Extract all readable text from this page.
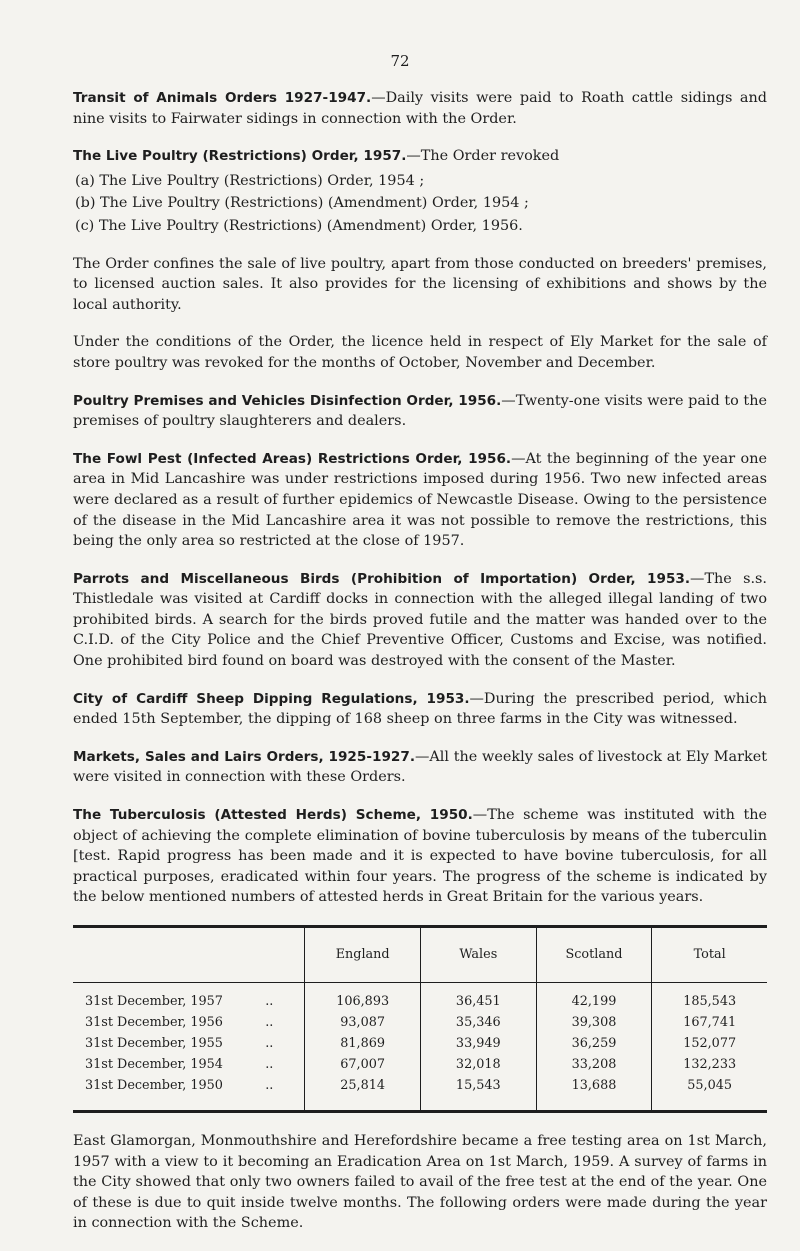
72

Transit of Animals Orders 1927-1947.—Daily visits were paid to Roath cattle sidings and nine visits to Fairwater sidings in connection with the Order.

The Live Poultry (Restrictions) Order, 1957.—The Order revoked

(a) The Live Poultry (Restrictions) Order, 1954 ;
(b) The Live Poultry (Restrictions) (Amendment) Order, 1954 ;
(c) The Live Poultry (Restrictions) (Amendment) Order, 1956.

The Order confines the sale of live poultry, apart from those conducted on breeders' premises, to licensed auction sales. It also provides for the licensing of exhibitions and shows by the local authority.

Under the conditions of the Order, the licence held in respect of Ely Market for the sale of store poultry was revoked for the months of October, November and December.

Poultry Premises and Vehicles Disinfection Order, 1956.—Twenty-one visits were paid to the premises of poultry slaughterers and dealers.

The Fowl Pest (Infected Areas) Restrictions Order, 1956.—At the beginning of the year one area in Mid Lancashire was under restrictions imposed during 1956. Two new infected areas were declared as a result of further epidemics of Newcastle Disease. Owing to the persistence of the disease in the Mid Lancashire area it was not possible to remove the restrictions, this being the only area so restricted at the close of 1957.

Parrots and Miscellaneous Birds (Prohibition of Importation) Order, 1953.—The s.s. Thistledale was visited at Cardiff docks in connection with the alleged illegal landing of two prohibited birds. A search for the birds proved futile and the matter was handed over to the C.I.D. of the City Police and the Chief Preventive Officer, Customs and Excise, was notified. One prohibited bird found on board was destroyed with the consent of the Master.

City of Cardiff Sheep Dipping Regulations, 1953.—During the prescribed period, which ended 15th September, the dipping of 168 sheep on three farms in the City was witnessed.

Markets, Sales and Lairs Orders, 1925-1927.—All the weekly sales of livestock at Ely Market were visited in connection with these Orders.

The Tuberculosis (Attested Herds) Scheme, 1950.—The scheme was instituted with the object of achieving the complete elimination of bovine tuberculosis by means of the tuberculin [test. Rapid progress has been made and it is expected to have bovine tuberculosis, for all practical purposes, eradicated within four years. The progress of the scheme is indicated by the below mentioned numbers of attested herds in Great Britain for the various years.

		England	Wales	Scotland	Total
31st December, 1957	..	106,893	36,451	42,199	185,543
31st December, 1956	..	93,087	35,346	39,308	167,741
31st December, 1955	..	81,869	33,949	36,259	152,077
31st December, 1954	..	67,007	32,018	33,208	132,233
31st December, 1950	..	25,814	15,543	13,688	55,045

East Glamorgan, Monmouthshire and Herefordshire became a free testing area on 1st March, 1957 with a view to it becoming an Eradication Area on 1st March, 1959. A survey of farms in the City showed that only two owners failed to avail of the free test at the end of the year. One of these is due to quit inside twelve months. The following orders were made during the year in connection with the Scheme.
